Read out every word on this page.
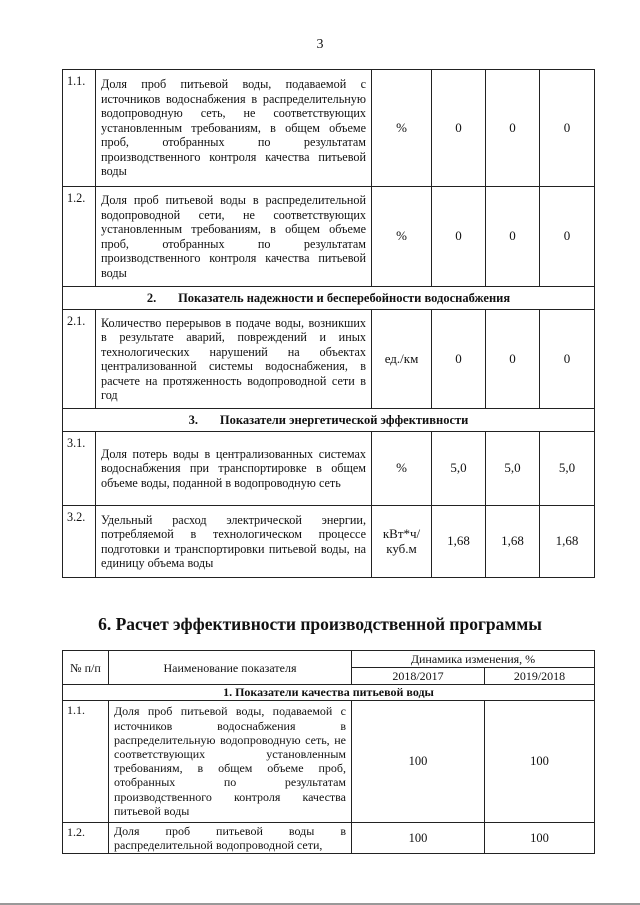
3
1.1.	Доля проб питьевой воды, подаваемой с источников водоснабжения в распределительную водопроводную сеть, не соответствующих установленным требованиям, в общем объеме проб, отобранных по результатам производственного контроля качества питьевой воды	%	0	0	0
1.2.	Доля проб питьевой воды в распределительной водопроводной сети, не соответствующих установленным требованиям, в общем объеме проб, отобранных по результатам производственного контроля качества питьевой воды	%	0	0	0
2.       Показатель надежности и бесперебойности водоснабжения					
2.1.	Количество перерывов в подаче воды, возникших в результате аварий, повреждений и иных технологических нарушений на объектах централизованной системы водоснабжения, в расчете на протяженность водопроводной сети в год	ед./км	0	0	0
3.       Показатели энергетической эффективности					
3.1.	Доля потерь воды в централизованных системах водоснабжения при транспортировке в общем объеме воды, поданной в водопроводную сеть	%	5,0	5,0	5,0
3.2.	Удельный расход электрической энергии, потребляемой в технологическом процессе подготовки и транспортировки питьевой воды, на единицу объема воды	кВт*ч/ куб.м	1,68	1,68	1,68
6. Расчет эффективности производственной программы
№ п/п	Наименование показателя	Динамика изменения, %	
		2018/2017	2019/2018
1. Показатели качества питьевой воды			
1.1.	Доля проб питьевой воды, подаваемой с источников водоснабжения в распределительную водопроводную сеть, не соответствующих установленным требованиям, в общем объеме проб, отобранных по результатам производственного контроля качества питьевой воды	100	100
1.2.	Доля проб питьевой воды в распределительной водопроводной сети,	100	100
